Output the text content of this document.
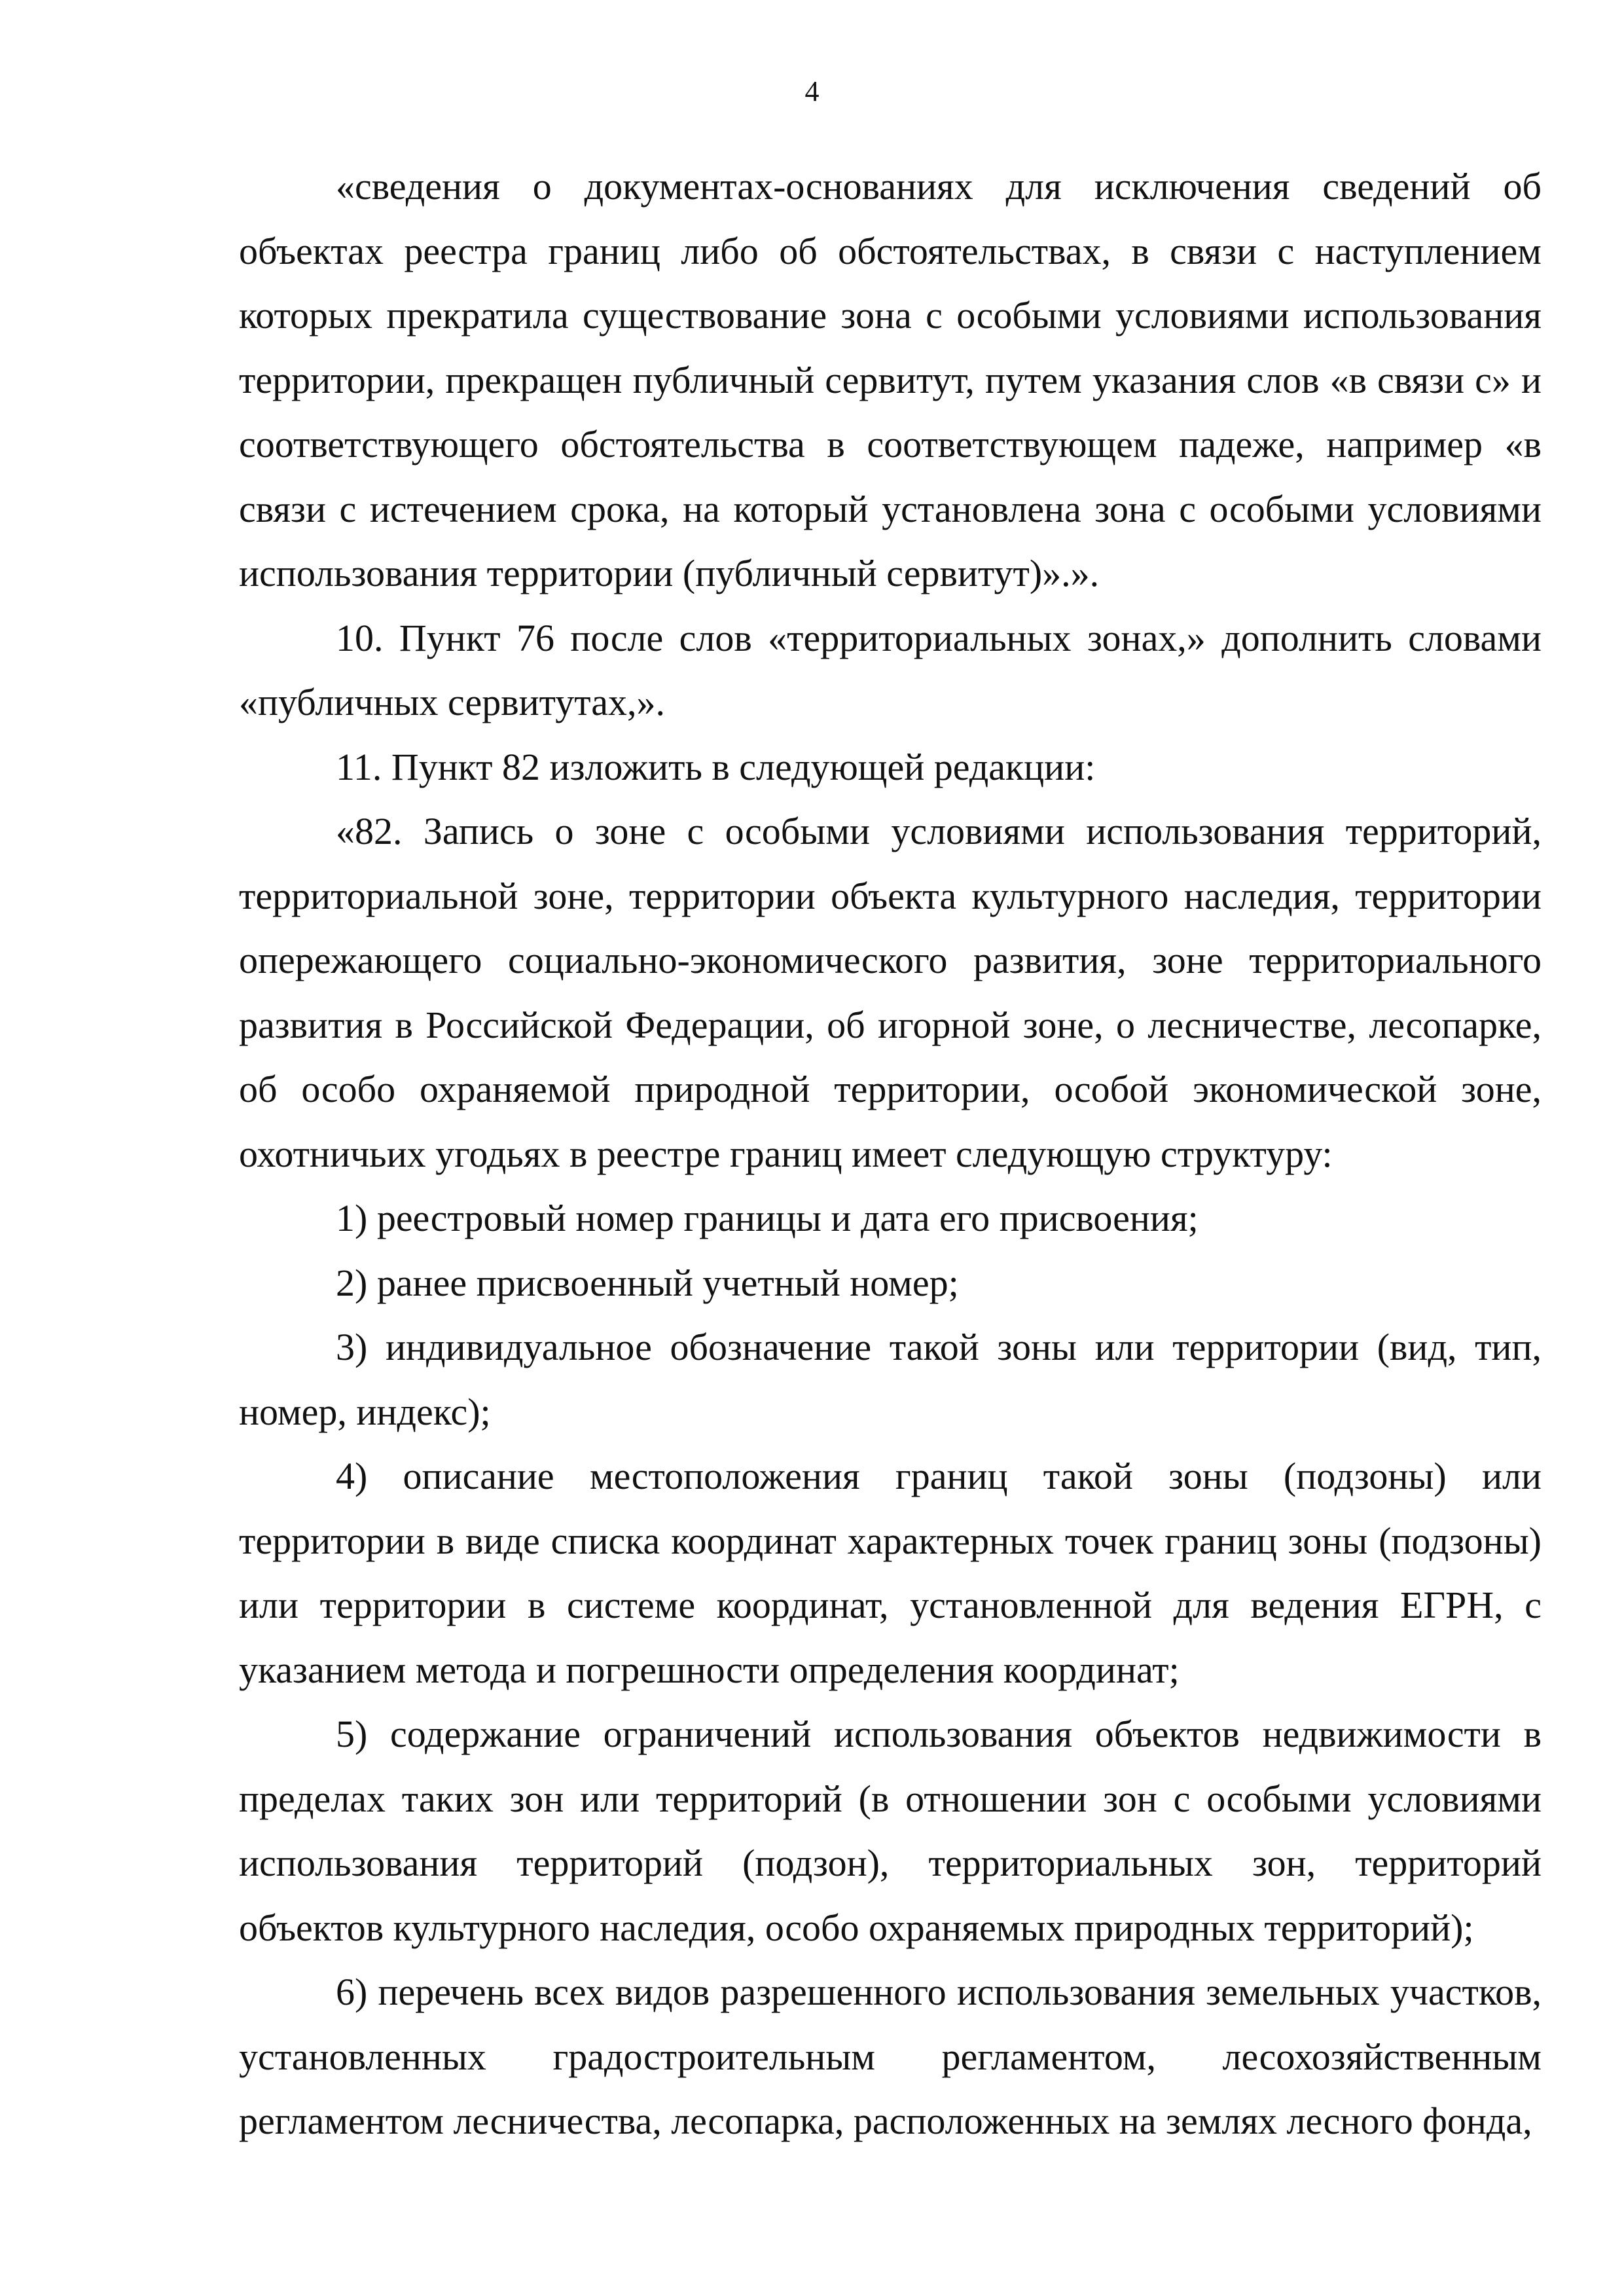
4

«сведения о документах-основаниях для исключения сведений об объектах реестра границ либо об обстоятельствах, в связи с наступлением которых прекратила существование зона с особыми условиями использования территории, прекращен публичный сервитут, путем указания слов «в связи с» и соответствующего обстоятельства в соответствующем падеже, например «в связи с истечением срока, на который установлена зона с особыми условиями использования территории (публичный сервитут)».».

10. Пункт 76 после слов «территориальных зонах,» дополнить словами «публичных сервитутах,».

11. Пункт 82 изложить в следующей редакции:

«82. Запись о зоне с особыми условиями использования территорий, территориальной зоне, территории объекта культурного наследия, территории опережающего социально-экономического развития, зоне территориального развития в Российской Федерации, об игорной зоне, о лесничестве, лесопарке, об особо охраняемой природной территории, особой экономической зоне, охотничьих угодьях в реестре границ имеет следующую структуру:

1) реестровый номер границы и дата его присвоения;

2) ранее присвоенный учетный номер;

3) индивидуальное обозначение такой зоны или территории (вид, тип, номер, индекс);

4) описание местоположения границ такой зоны (подзоны) или территории в виде списка координат характерных точек границ зоны (подзоны) или территории в системе координат, установленной для ведения ЕГРН, с указанием метода и погрешности определения координат;

5) содержание ограничений использования объектов недвижимости в пределах таких зон или территорий (в отношении зон с особыми условиями использования территорий (подзон), территориальных зон, территорий объектов культурного наследия, особо охраняемых природных территорий);

6) перечень всех видов разрешенного использования земельных участков, установленных градостроительным регламентом, лесохозяйственным регламентом лесничества, лесопарка, расположенных на землях лесного фонда,
